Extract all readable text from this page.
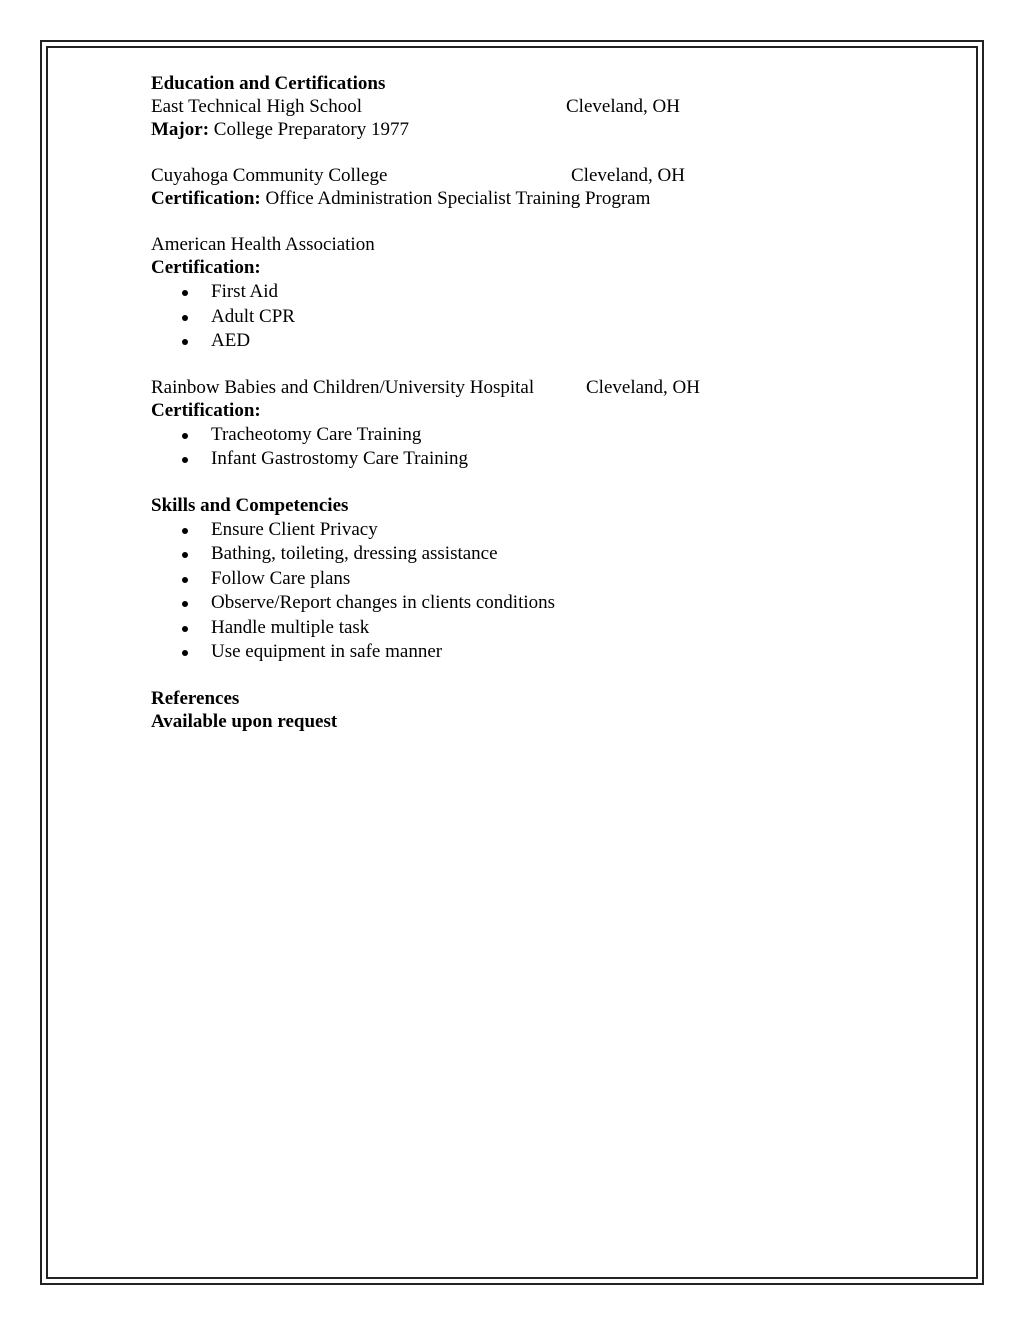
Education and Certifications
East Technical High School	Cleveland, OH
Major: College Preparatory 1977
Cuyahoga Community College	Cleveland, OH
Certification: Office Administration Specialist Training Program
American Health Association
Certification:
First Aid
Adult CPR
AED
Rainbow Babies and Children/University Hospital	Cleveland, OH
Certification:
Tracheotomy Care Training
Infant Gastrostomy Care Training
Skills and Competencies
Ensure Client Privacy
Bathing, toileting, dressing assistance
Follow Care plans
Observe/Report changes in clients conditions
Handle multiple task
Use equipment in safe manner
References
Available upon request
